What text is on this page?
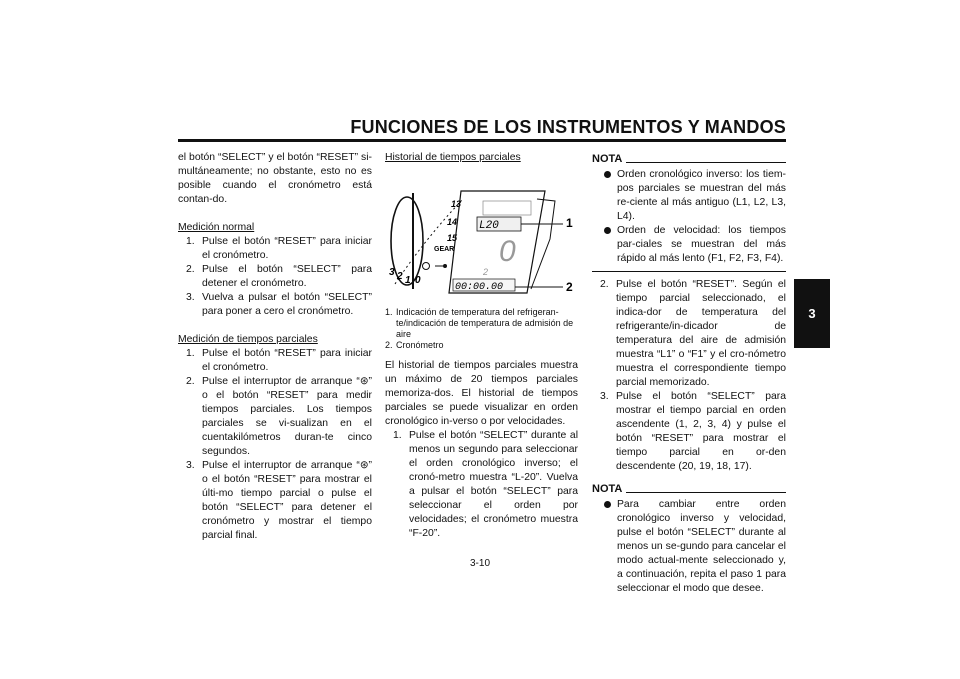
FUNCIONES DE LOS INSTRUMENTOS Y MANDOS
3

el botón “SELECT” y el botón “RESET” si-multáneamente; no obstante, esto no es posible cuando el cronómetro está contan-do.

Medición normal

1. Pulse el botón “RESET” para iniciar el cronómetro.
2. Pulse el botón “SELECT” para detener el cronómetro.
3. Vuelva a pulsar el botón “SELECT” para poner a cero el cronómetro.

Medición de tiempos parciales

1. Pulse el botón “RESET” para iniciar el cronómetro.
2. Pulse el interruptor de arranque “⊛” o el botón “RESET” para medir tiempos parciales. Los tiempos parciales se vi-sualizan en el cuentakilómetros duran-te cinco segundos.
3. Pulse el interruptor de arranque “⊛” o el botón “RESET” para mostrar el últi-mo tiempo parcial o pulse el botón “SELECT” para detener el cronómetro y mostrar el tiempo parcial final.

Historial de tiempos parciales

13
14
15
3 2 1 0
GEAR
L20
0
2
00:00.00
1
2
1. Indicación de temperatura del refrigeran-te/indicación de temperatura de admisión de aire
2. Cronómetro

El historial de tiempos parciales muestra un máximo de 20 tiempos parciales memoriza-dos. El historial de tiempos parciales se puede visualizar en orden cronológico in-verso o por velocidades.

1. Pulse el botón “SELECT” durante al menos un segundo para seleccionar el orden cronológico inverso; el cronó-metro muestra “L-20”. Vuelva a pulsar el botón “SELECT” para seleccionar el orden por velocidades; el cronómetro muestra “F-20”.
NOTA
Orden cronológico inverso: los tiem-pos parciales se muestran del más re-ciente al más antiguo (L1, L2, L3, L4).
Orden de velocidad: los tiempos par-ciales se muestran del más rápido al más lento (F1, F2, F3, F4).
2. Pulse el botón “RESET”. Según el tiempo parcial seleccionado, el indica-dor de temperatura del refrigerante/in-dicador de temperatura del aire de admisión muestra “L1” o “F1” y el cro-nómetro muestra el correspondiente tiempo parcial memorizado.
3. Pulse el botón “SELECT” para mostrar el tiempo parcial en orden ascendente (1, 2, 3, 4) y pulse el botón “RESET” para mostrar el tiempo parcial en or-den descendente (20, 19, 18, 17).
NOTA
Para cambiar entre orden cronológico inverso y velocidad, pulse el botón “SELECT” durante al menos un se-gundo para cancelar el modo actual-mente seleccionado y, a continuación, repita el paso 1 para seleccionar el modo que desee.
3-10
